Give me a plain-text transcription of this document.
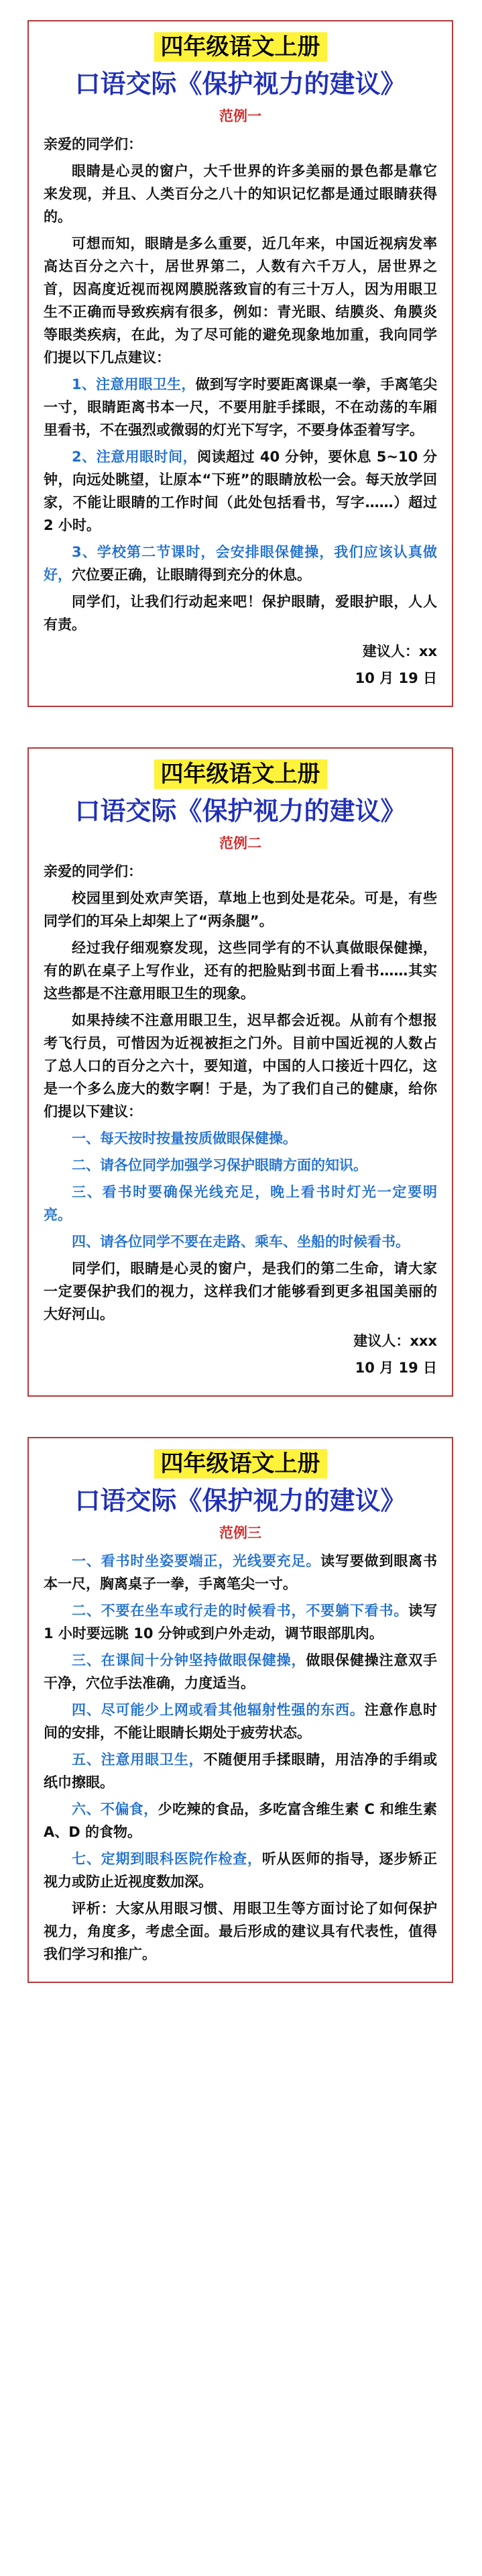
四年级语文上册
口语交际《保护视力的建议》
范例一

亲爱的同学们：

眼睛是心灵的窗户，大千世界的许多美丽的景色都是靠它来发现，并且、人类百分之八十的知识记忆都是通过眼睛获得的。

可想而知，眼睛是多么重要，近几年来，中国近视病发率高达百分之六十，居世界第二，人数有六千万人，居世界之首，因高度近视而视网膜脱落致盲的有三十万人，因为用眼卫生不正确而导致疾病有很多，例如：青光眼、结膜炎、角膜炎等眼类疾病，在此，为了尽可能的避免现象地加重，我向同学们提以下几点建议：

1、注意用眼卫生，做到写字时要距离课桌一拳，手离笔尖一寸，眼睛距离书本一尺，不要用脏手揉眼，不在动荡的车厢里看书，不在强烈或微弱的灯光下写字，不要身体歪着写字。

2、注意用眼时间，阅读超过 40 分钟，要休息 5~10 分钟，向远处眺望，让原本“下班”的眼睛放松一会。每天放学回家，不能让眼睛的工作时间（此处包括看书，写字……）超过 2 小时。

3、学校第二节课时，会安排眼保健操，我们应该认真做好，穴位要正确，让眼睛得到充分的休息。

同学们，让我们行动起来吧！保护眼睛，爱眼护眼，人人有责。

建议人：xx

10 月 19 日

四年级语文上册
口语交际《保护视力的建议》
范例二

亲爱的同学们：

校园里到处欢声笑语，草地上也到处是花朵。可是，有些同学们的耳朵上却架上了“两条腿”。

经过我仔细观察发现，这些同学有的不认真做眼保健操，有的趴在桌子上写作业，还有的把脸贴到书面上看书……其实这些都是不注意用眼卫生的现象。

如果持续不注意用眼卫生，迟早都会近视。从前有个想报考飞行员，可惜因为近视被拒之门外。目前中国近视的人数占了总人口的百分之六十，要知道，中国的人口接近十四亿，这是一个多么庞大的数字啊！于是，为了我们自己的健康，给你们提以下建议：

一、每天按时按量按质做眼保健操。

二、请各位同学加强学习保护眼睛方面的知识。

三、看书时要确保光线充足，晚上看书时灯光一定要明亮。

四、请各位同学不要在走路、乘车、坐船的时候看书。

同学们，眼睛是心灵的窗户，是我们的第二生命，请大家一定要保护我们的视力，这样我们才能够看到更多祖国美丽的大好河山。

建议人：xxx

10 月 19 日

四年级语文上册
口语交际《保护视力的建议》
范例三

一、看书时坐姿要端正，光线要充足。读写要做到眼离书本一尺，胸离桌子一拳，手离笔尖一寸。

二、不要在坐车或行走的时候看书，不要躺下看书。读写 1 小时要远眺 10 分钟或到户外走动，调节眼部肌肉。

三、在课间十分钟坚持做眼保健操，做眼保健操注意双手干净，穴位手法准确，力度适当。

四、尽可能少上网或看其他辐射性强的东西。注意作息时间的安排，不能让眼睛长期处于疲劳状态。

五、注意用眼卫生，不随便用手揉眼睛，用洁净的手绢或纸巾擦眼。

六、不偏食，少吃辣的食品，多吃富含维生素 C 和维生素 A、D 的食物。

七、定期到眼科医院作检查，听从医师的指导，逐步矫正视力或防止近视度数加深。

评析：大家从用眼习惯、用眼卫生等方面讨论了如何保护视力，角度多，考虑全面。最后形成的建议具有代表性，值得我们学习和推广。
